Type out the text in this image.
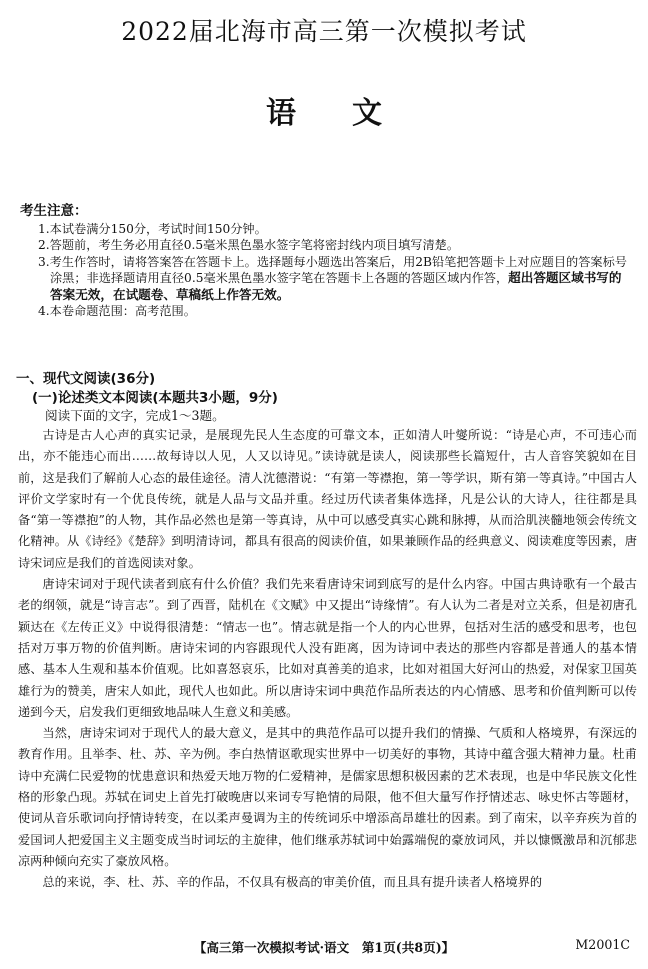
2022届北海市高三第一次模拟考试
语文
考生注意：
1.本试卷满分150分，考试时间150分钟。
2.答题前，考生务必用直径0.5毫米黑色墨水签字笔将密封线内项目填写清楚。
3.考生作答时，请将答案答在答题卡上。选择题每小题选出答案后，用2B铅笔把答题卡上对应题目的答案标号涂黑；非选择题请用直径0.5毫米黑色墨水签字笔在答题卡上各题的答题区域内作答，超出答题区域书写的答案无效，在试题卷、草稿纸上作答无效。
4.本卷命题范围：高考范围。
一、现代文阅读(36分)
(一)论述类文本阅读(本题共3小题，9分)
阅读下面的文字，完成1～3题。

古诗是古人心声的真实记录，是展现先民人生态度的可靠文本，正如清人叶燮所说：“诗是心声，不可违心而出，亦不能违心而出……故每诗以人见，人又以诗见。”读诗就是读人，阅读那些长篇短什，古人音容笑貌如在目前，这是我们了解前人心态的最佳途径。清人沈德潜说：“有第一等襟抱，第一等学识，斯有第一等真诗。”中国古人评价文学家时有一个优良传统，就是人品与文品并重。经过历代读者集体选择，凡是公认的大诗人，往往都是具备“第一等襟抱”的人物，其作品必然也是第一等真诗，从中可以感受真实心跳和脉搏，从而洽肌浃髓地领会传统文化精神。从《诗经》《楚辞》到明清诗词，都具有很高的阅读价值，如果兼顾作品的经典意义、阅读难度等因素，唐诗宋词应是我们的首选阅读对象。

唐诗宋词对于现代读者到底有什么价值？我们先来看唐诗宋词到底写的是什么内容。中国古典诗歌有一个最古老的纲领，就是“诗言志”。到了西晋，陆机在《文赋》中又提出“诗缘情”。有人认为二者是对立关系，但是初唐孔颖达在《左传正义》中说得很清楚：“情志一也”。情志就是指一个人的内心世界，包括对生活的感受和思考，也包括对万事万物的价值判断。唐诗宋词的内容跟现代人没有距离，因为诗词中表达的那些内容都是普通人的基本情感、基本人生观和基本价值观。比如喜怒哀乐，比如对真善美的追求，比如对祖国大好河山的热爱，对保家卫国英雄行为的赞美，唐宋人如此，现代人也如此。所以唐诗宋词中典范作品所表达的内心情感、思考和价值判断可以传递到今天，启发我们更细致地品味人生意义和美感。

当然，唐诗宋词对于现代人的最大意义，是其中的典范作品可以提升我们的情操、气质和人格境界，有深远的教育作用。且举李、杜、苏、辛为例。李白热情讴歌现实世界中一切美好的事物，其诗中蕴含强大精神力量。杜甫诗中充满仁民爱物的忧患意识和热爱天地万物的仁爱精神，是儒家思想积极因素的艺术表现，也是中华民族文化性格的形象凸现。苏轼在词史上首先打破晚唐以来词专写艳情的局限，他不但大量写作抒情述志、咏史怀古等题材，使词从音乐歌词向抒情诗转变，在以柔声曼调为主的传统词乐中增添高昂雄壮的因素。到了南宋，以辛弃疾为首的爱国词人把爱国主义主题变成当时词坛的主旋律，他们继承苏轼词中始露端倪的豪放词风，并以慷慨激昂和沉郁悲凉两种倾向充实了豪放风格。

总的来说，李、杜、苏、辛的作品，不仅具有极高的审美价值，而且具有提升读者人格境界的

【高三第一次模拟考试·语文　第1页(共8页)】	M2001C
